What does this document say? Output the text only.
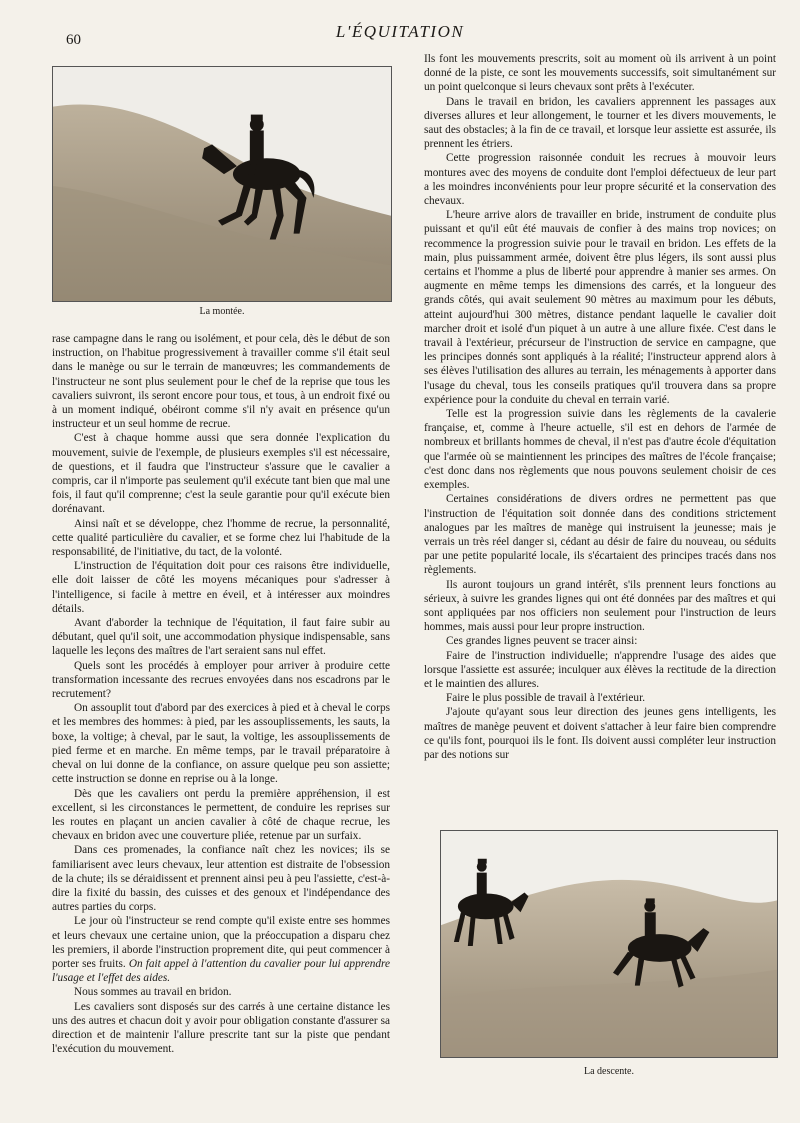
60	L'ÉQUITATION
La montée.

rase campagne dans le rang ou isolément, et pour cela, dès le début de son instruction, on l'habitue progressivement à travailler comme s'il était seul dans le manège ou sur le terrain de manœuvres; les commandements de l'instructeur ne sont plus seulement pour le chef de la reprise que tous les cavaliers suivront, ils seront encore pour tous, et tous, à un endroit fixé ou à un moment indiqué, obéiront comme s'il n'y avait en présence qu'un instructeur et un seul homme de recrue.

C'est à chaque homme aussi que sera donnée l'explication du mouvement, suivie de l'exemple, de plusieurs exemples s'il est nécessaire, de questions, et il faudra que l'instructeur s'assure que le cavalier a compris, car il n'importe pas seulement qu'il exécute tant bien que mal une fois, il faut qu'il comprenne; c'est la seule garantie pour qu'il exécute bien dorénavant.

Ainsi naît et se développe, chez l'homme de recrue, la personnalité, cette qualité particulière du cavalier, et se forme chez lui l'habitude de la responsabilité, de l'initiative, du tact, de la volonté.

L'instruction de l'équitation doit pour ces raisons être individuelle, elle doit laisser de côté les moyens mécaniques pour s'adresser à l'intelligence, si facile à mettre en éveil, et à intéresser aux moindres détails.

Avant d'aborder la technique de l'équitation, il faut faire subir au débutant, quel qu'il soit, une accommodation physique indispensable, sans laquelle les leçons des maîtres de l'art seraient sans nul effet.

Quels sont les procédés à employer pour arriver à produire cette transformation incessante des recrues envoyées dans nos escadrons par le recrutement?

On assouplit tout d'abord par des exercices à pied et à cheval le corps et les membres des hommes: à pied, par les assouplissements, les sauts, la boxe, la voltige; à cheval, par le saut, la voltige, les assouplissements de pied ferme et en marche. En même temps, par le travail préparatoire à cheval on lui donne de la confiance, on assure quelque peu son assiette; cette instruction se donne en reprise ou à la longe.

Dès que les cavaliers ont perdu la première appréhension, il est excellent, si les circonstances le permettent, de conduire les reprises sur les routes en plaçant un ancien cavalier à côté de chaque recrue, les chevaux en bridon avec une couverture pliée, retenue par un surfaix.

Dans ces promenades, la confiance naît chez les novices; ils se familiarisent avec leurs chevaux, leur attention est distraite de l'obsession de la chute; ils se déraidissent et prennent ainsi peu à peu l'assiette, c'est-à-dire la fixité du bassin, des cuisses et des genoux et l'indépendance des autres parties du corps.

Le jour où l'instructeur se rend compte qu'il existe entre ses hommes et leurs chevaux une certaine union, que la préoccupation a disparu chez les premiers, il aborde l'instruction proprement dite, qui peut commencer à porter ses fruits. On fait appel à l'attention du cavalier pour lui apprendre l'usage et l'effet des aides.

Nous sommes au travail en bridon.

Les cavaliers sont disposés sur des carrés à une certaine distance les uns des autres et chacun doit y avoir pour obligation constante d'assurer sa direction et de maintenir l'allure prescrite tant sur la piste que pendant l'exécution du mouvement.

Ils font les mouvements prescrits, soit au moment où ils arrivent à un point donné de la piste, ce sont les mouvements successifs, soit simultanément sur un point quelconque si leurs chevaux sont prêts à l'exécuter.

Dans le travail en bridon, les cavaliers apprennent les passages aux diverses allures et leur allongement, le tourner et les divers mouvements, le saut des obstacles; à la fin de ce travail, et lorsque leur assiette est assurée, ils prennent les étriers.

Cette progression raisonnée conduit les recrues à mouvoir leurs montures avec des moyens de conduite dont l'emploi défectueux de leur part a les moindres inconvénients pour leur propre sécurité et la conservation des chevaux.

L'heure arrive alors de travailler en bride, instrument de conduite plus puissant et qu'il eût été mauvais de confier à des mains trop novices; on recommence la progression suivie pour le travail en bridon. Les effets de la main, plus puissamment armée, doivent être plus légers, ils sont aussi plus certains et l'homme a plus de liberté pour apprendre à manier ses armes. On augmente en même temps les dimensions des carrés, et la longueur des grands côtés, qui avait seulement 90 mètres au maximum pour les débuts, atteint aujourd'hui 300 mètres, distance pendant laquelle le cavalier doit marcher droit et isolé d'un piquet à un autre à une allure fixée. C'est dans le travail à l'extérieur, précurseur de l'instruction de service en campagne, que les principes donnés sont appliqués à la réalité; l'instructeur apprend alors à ses élèves l'utilisation des allures au terrain, les ménagements à apporter dans l'usage du cheval, tous les conseils pratiques qu'il trouvera dans sa propre expérience pour la conduite du cheval en terrain varié.

Telle est la progression suivie dans les règlements de la cavalerie française, et, comme à l'heure actuelle, s'il est en dehors de l'armée de nombreux et brillants hommes de cheval, il n'est pas d'autre école d'équitation que l'armée où se maintiennent les principes des maîtres de l'école française; c'est donc dans nos règlements que nous pouvons seulement choisir de ces exemples.

Certaines considérations de divers ordres ne permettent pas que l'instruction de l'équitation soit donnée dans des conditions strictement analogues par les maîtres de manège qui instruisent la jeunesse; mais je verrais un très réel danger si, cédant au désir de faire du nouveau, ou séduits par une petite popularité locale, ils s'écartaient des principes tracés dans nos règlements.

Ils auront toujours un grand intérêt, s'ils prennent leurs fonctions au sérieux, à suivre les grandes lignes qui ont été données par des maîtres et qui sont appliquées par nos officiers non seulement pour l'instruction de leurs hommes, mais aussi pour leur propre instruction.

Ces grandes lignes peuvent se tracer ainsi:

Faire de l'instruction individuelle; n'apprendre l'usage des aides que lorsque l'assiette est assurée; inculquer aux élèves la rectitude de la direction et le maintien des allures.

Faire le plus possible de travail à l'extérieur.

J'ajoute qu'ayant sous leur direction des jeunes gens intelligents, les maîtres de manège peuvent et doivent s'attacher à leur faire bien comprendre ce qu'ils font, pourquoi ils le font. Ils doivent aussi compléter leur instruction par des notions sur

La descente.
